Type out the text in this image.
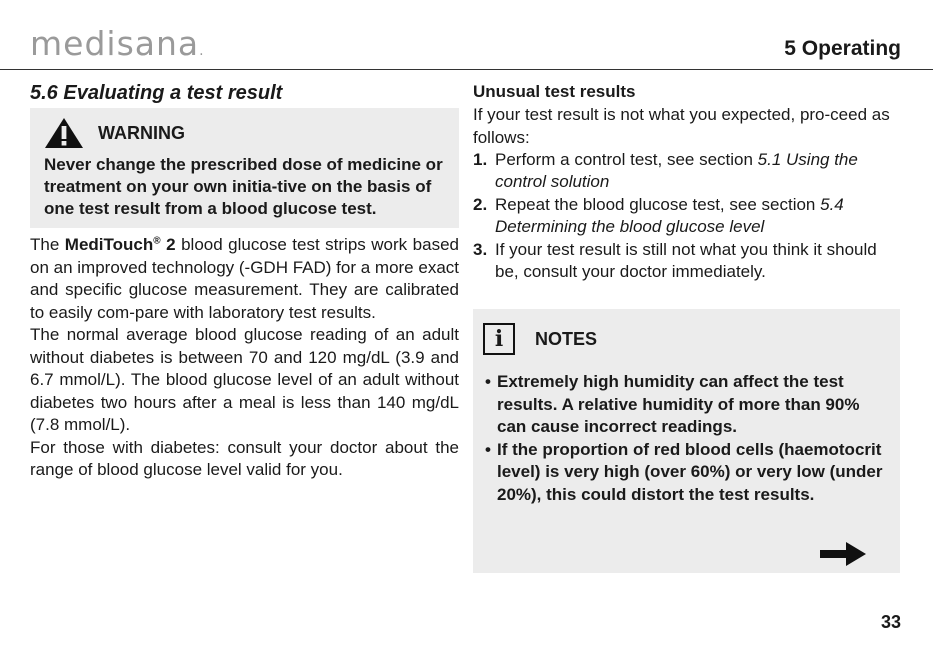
medisana.	5 Operating
5.6 Evaluating a test result
WARNING

Never change the prescribed dose of medicine or treatment on your own initia-tive on the basis of one test result from a blood glucose test.

The MediTouch® 2 blood glucose test strips work based on an improved technology (-GDH FAD) for a more exact and specific glucose measurement. They are calibrated to easily com-pare with laboratory test results.

The normal average blood glucose reading of an adult without diabetes is between 70 and 120 mg/dL (3.9 and 6.7 mmol/L). The blood glucose level of an adult without diabetes two hours after a meal is less than 140 mg/dL (7.8 mmol/L).

For those with diabetes: consult your doctor about the range of blood glucose level valid for you.

Unusual test results

If your test result is not what you expected, pro-ceed as follows:

1. Perform a control test, see section 5.1 Using the control solution
2. Repeat the blood glucose test, see section 5.4 Determining the blood glucose level
3. If your test result is still not what you think it should be, consult your doctor immediately.
i	NOTES
• Extremely high humidity can affect the test results. A relative humidity of more than 90% can cause incorrect readings.
• If the proportion of red blood cells (haemotocrit level) is very high (over 60%) or very low (under 20%), this could distort the test results.
33
